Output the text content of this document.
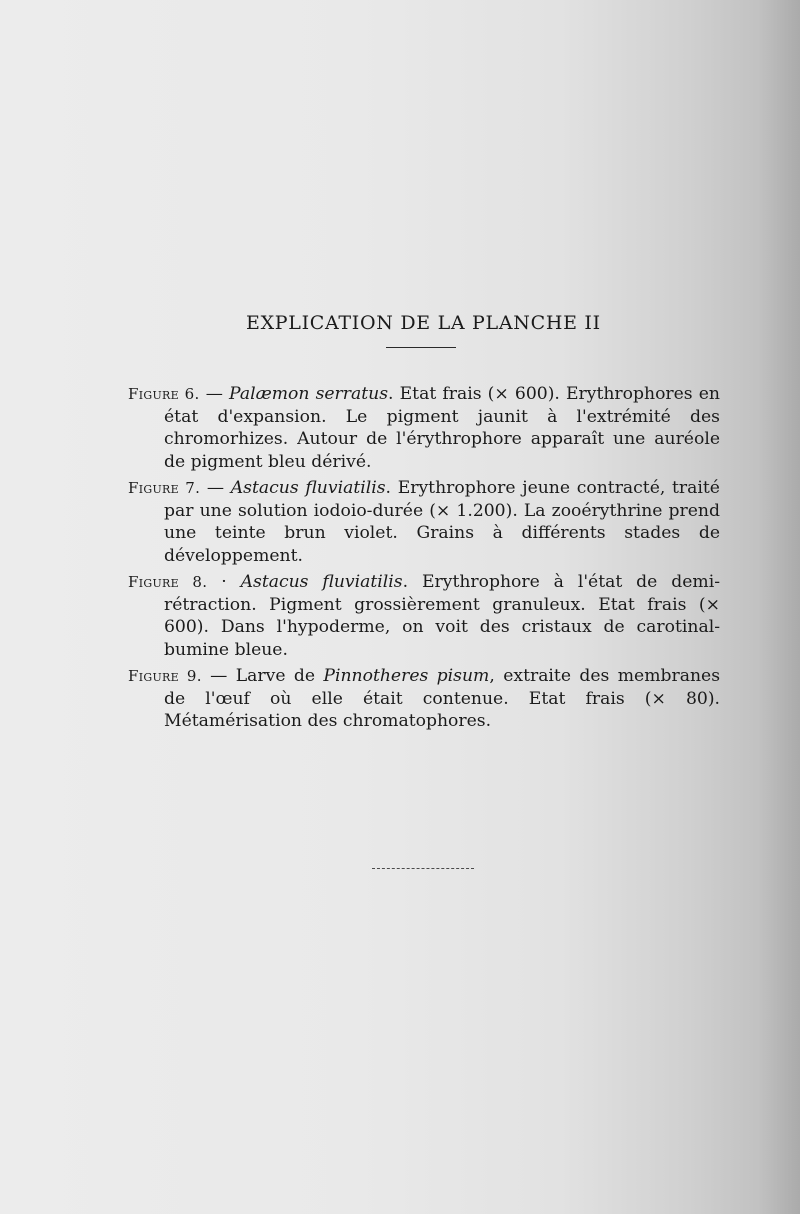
EXPLICATION DE LA PLANCHE II

Figure 6. — Palæmon serratus. Etat frais (× 600). Erythrophores en état d'expansion. Le pigment jaunit à l'extrémité des chromorhizes. Autour de l'érythrophore apparaît une auréole de pigment bleu dérivé.

Figure 7. — Astacus fluviatilis. Erythrophore jeune contracté, traité par une solution iodoio-durée (× 1.200). La zooérythrine prend une teinte brun violet. Grains à différents stades de développement.

Figure 8. · Astacus fluviatilis. Erythrophore à l'état de demi-rétraction. Pigment grossièrement granuleux. Etat frais (× 600). Dans l'hypoderme, on voit des cristaux de carotinal-bumine bleue.

Figure 9. — Larve de Pinnotheres pisum, extraite des membranes de l'œuf où elle était contenue. Etat frais (× 80). Métamérisation des chromatophores.
